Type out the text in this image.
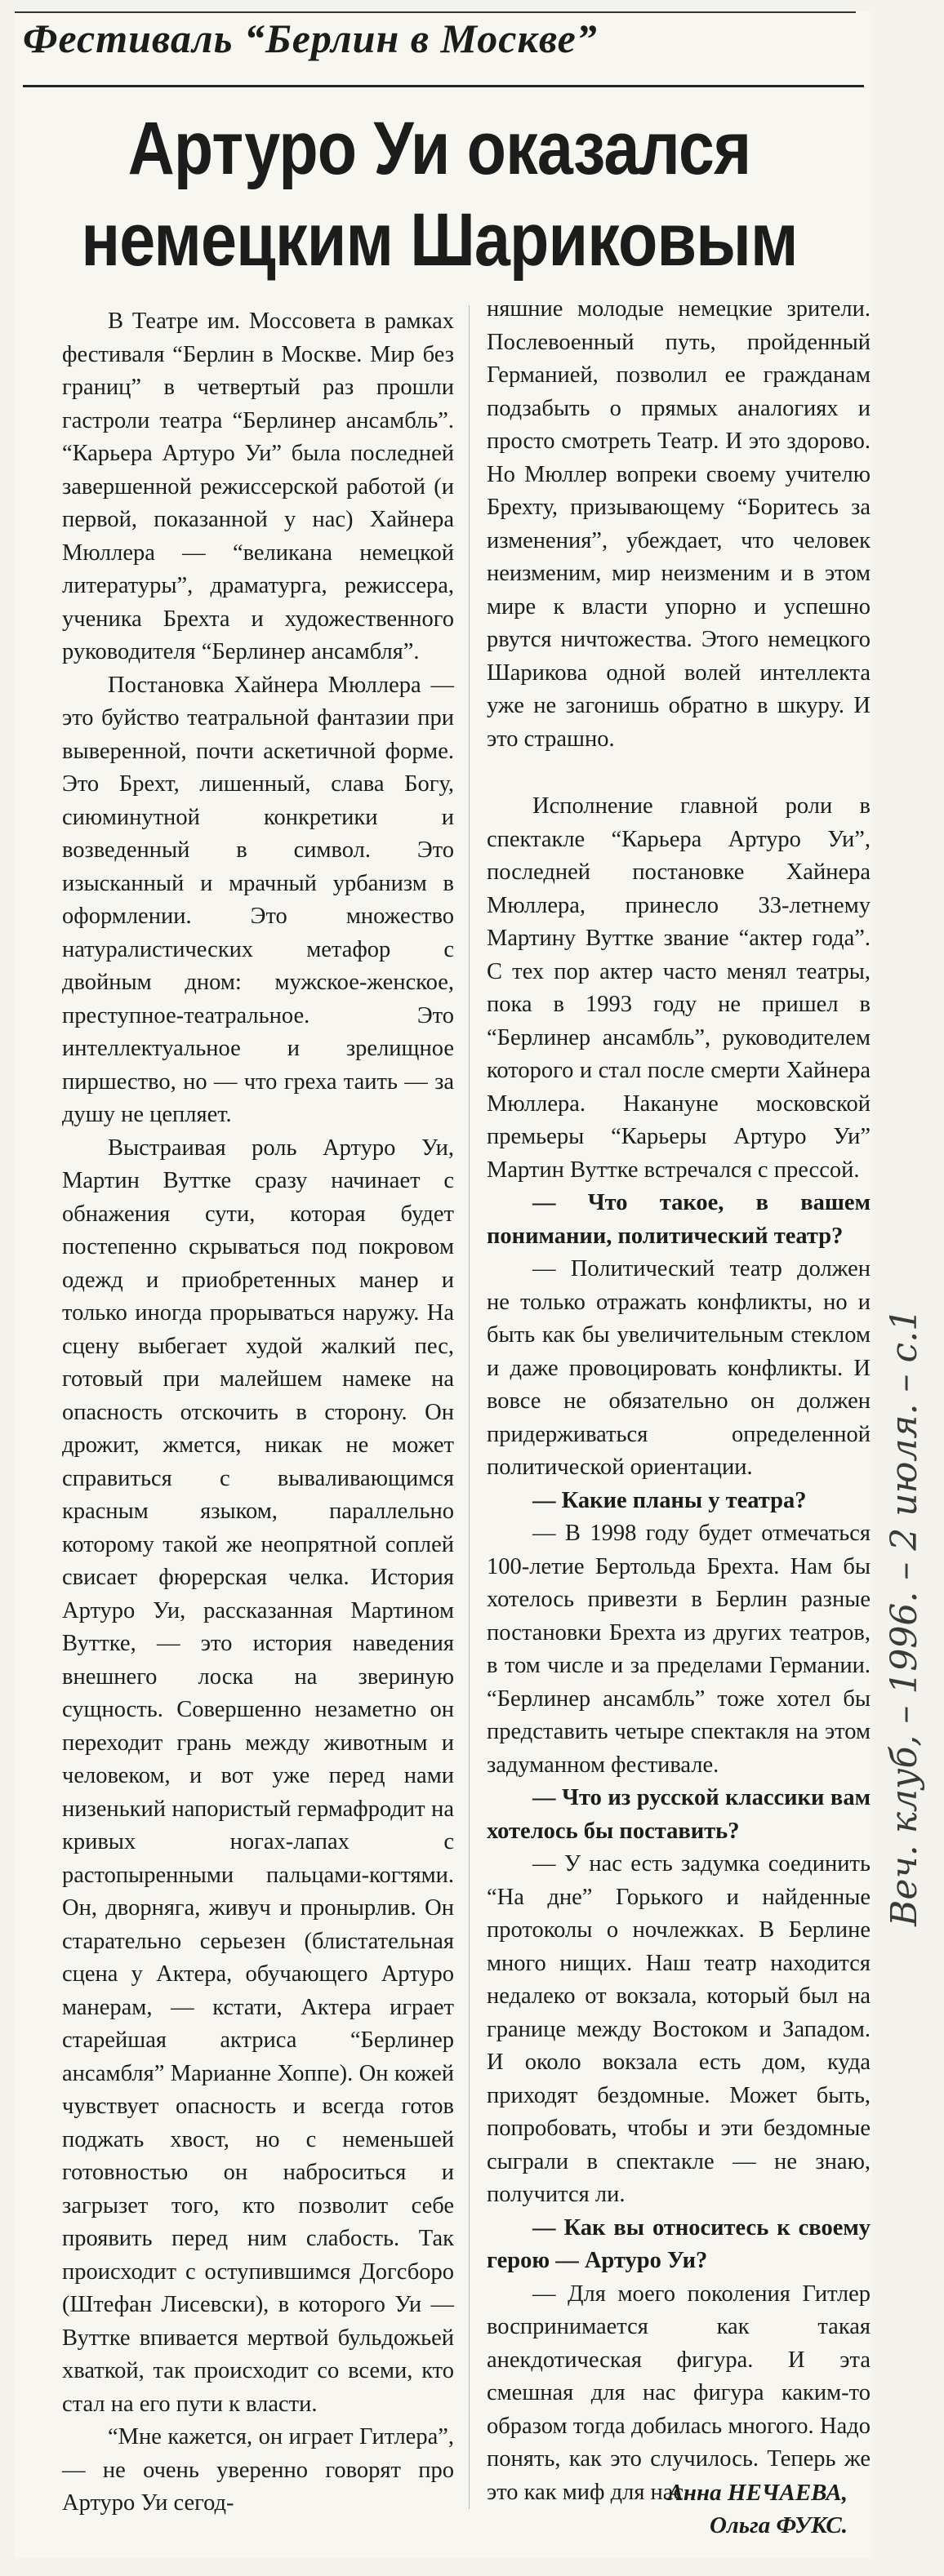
Фестиваль “Берлин в Москве”
Артуро Уи оказался немецким Шариковым

В Театре им. Моссовета в рамках фестиваля “Берлин в Москве. Мир без границ” в четвертый раз прошли гастроли театра “Берлинер ансамбль”. “Карьера Артуро Уи” была последней завершенной режиссерской работой (и первой, показанной у нас) Хайнера Мюллера — “великана немецкой литературы”, драматурга, режиссера, ученика Брехта и художественного руководителя “Берлинер ансамбля”.

Постановка Хайнера Мюллера — это буйство театральной фантазии при выверенной, почти аскетичной форме. Это Брехт, лишенный, слава Богу, сиюминутной конкретики и возведенный в символ. Это изысканный и мрачный урбанизм в оформлении. Это множество натуралистических метафор с двойным дном: мужское-женское, преступное-театральное. Это интеллектуальное и зрелищное пиршество, но — что греха таить — за душу не цепляет.

Выстраивая роль Артуро Уи, Мартин Вуттке сразу начинает с обнажения сути, которая будет постепенно скрываться под покровом одежд и приобретенных манер и только иногда прорываться наружу. На сцену выбегает худой жалкий пес, готовый при малейшем намеке на опасность отскочить в сторону. Он дрожит, жмется, никак не может справиться с вываливающимся красным языком, параллельно которому такой же неопрятной соплей свисает фюрерская челка. История Артуро Уи, рассказанная Мартином Вуттке, — это история наведения внешнего лоска на звериную сущность. Совершенно незаметно он переходит грань между животным и человеком, и вот уже перед нами низенький напористый гермафродит на кривых ногах-лапах с растопыренными пальцами-когтями. Он, дворняга, живуч и пронырлив. Он старательно серьезен (блистательная сцена у Актера, обучающего Артуро манерам, — кстати, Актера играет старейшая актриса “Берлинер ансамбля” Марианне Хоппе). Он кожей чувствует опасность и всегда готов поджать хвост, но с неменьшей готовностью он наброситься и загрызет того, кто позволит себе проявить перед ним слабость. Так происходит с оступившимся Догсборо (Штефан Лисевски), в которого Уи — Вуттке впивается мертвой бульдожьей хваткой, так происходит со всеми, кто стал на его пути к власти.

“Мне кажется, он играет Гитлера”, — не очень уверенно говорят про Артуро Уи сегод-

няшние молодые немецкие зрители. Послевоенный путь, пройденный Германией, позволил ее гражданам подзабыть о прямых аналогиях и просто смотреть Театр. И это здорово. Но Мюллер вопреки своему учителю Брехту, призывающему “Боритесь за изменения”, убеждает, что человек неизменим, мир неизменим и в этом мире к власти упорно и успешно рвутся ничтожества. Этого немецкого Шарикова одной волей интеллекта уже не загонишь обратно в шкуру. И это страшно.

Исполнение главной роли в спектакле “Карьера Артуро Уи”, последней постановке Хайнера Мюллера, принесло 33-летнему Мартину Вуттке звание “актер года”. С тех пор актер часто менял театры, пока в 1993 году не пришел в “Берлинер ансамбль”, руководителем которого и стал после смерти Хайнера Мюллера. Накануне московской премьеры “Карьеры Артуро Уи” Мартин Вуттке встречался с прессой.

— Что такое, в вашем понимании, политический театр?

— Политический театр должен не только отражать конфликты, но и быть как бы увеличительным стеклом и даже провоцировать конфликты. И вовсе не обязательно он должен придерживаться определенной политической ориентации.

— Какие планы у театра?

— В 1998 году будет отмечаться 100-летие Бертольда Брехта. Нам бы хотелось привезти в Берлин разные постановки Брехта из других театров, в том числе и за пределами Германии. “Берлинер ансамбль” тоже хотел бы представить четыре спектакля на этом задуманном фестивале.

— Что из русской классики вам хотелось бы поставить?

— У нас есть задумка соединить “На дне” Горького и найденные протоколы о ночлежках. В Берлине много нищих. Наш театр находится недалеко от вокзала, который был на границе между Востоком и Западом. И около вокзала есть дом, куда приходят бездомные. Может быть, попробовать, чтобы и эти бездомные сыграли в спектакле — не знаю, получится ли.

— Как вы относитесь к своему герою — Артуро Уи?

— Для моего поколения Гитлер воспринимается как такая анекдотическая фигура. И эта смешная для нас фигура каким-то образом тогда добилась многого. Надо понять, как это случилось. Теперь же это как миф для нас.

Анна НЕЧАЕВА,
Ольга ФУКС.
Веч. клуб, – 1996. – 2 июля. – с.1
